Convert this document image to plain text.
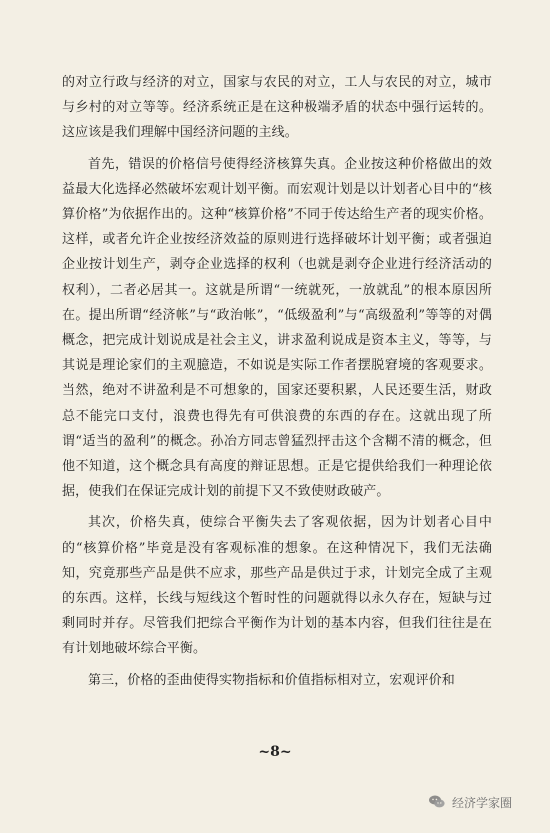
的对立行政与经济的对立，国家与农民的对立，工人与农民的对立，城市与乡村的对立等等。经济系统正是在这种极端矛盾的状态中强行运转的。这应该是我们理解中国经济问题的主线。

首先，错误的价格信号使得经济核算失真。企业按这种价格做出的效益最大化选择必然破坏宏观计划平衡。而宏观计划是以计划者心目中的“核算价格”为依据作出的。这种“核算价格”不同于传达给生产者的现实价格。这样，或者允许企业按经济效益的原则进行选择破坏计划平衡；或者强迫企业按计划生产，剥夺企业选择的权利（也就是剥夺企业进行经济活动的权利），二者必居其一。这就是所谓“一统就死，一放就乱”的根本原因所在。提出所谓“经济帐”与“政治帐”，“低级盈利”与“高级盈利”等等的对偶概念，把完成计划说成是社会主义，讲求盈利说成是资本主义，等等，与其说是理论家们的主观臆造，不如说是实际工作者摆脱窘境的客观要求。当然，绝对不讲盈利是不可想象的，国家还要积累，人民还要生活，财政总不能完口支付，浪费也得先有可供浪费的东西的存在。这就出现了所谓“适当的盈利”的概念。孙冶方同志曾猛烈抨击这个含糊不清的概念，但他不知道，这个概念具有高度的辩证思想。正是它提供给我们一种理论依据，使我们在保证完成计划的前提下又不致使财政破产。

其次，价格失真，使综合平衡失去了客观依据，因为计划者心目中的“核算价格”毕竟是没有客观标准的想象。在这种情况下，我们无法确知，究竟那些产品是供不应求，那些产品是供过于求，计划完全成了主观的东西。这样，长线与短线这个暂时性的问题就得以永久存在，短缺与过剩同时并存。尽管我们把综合平衡作为计划的基本内容，但我们往往是在有计划地破坏综合平衡。

第三，价格的歪曲使得实物指标和价值指标相对立，宏观评价和

~8~
经济学家圈
